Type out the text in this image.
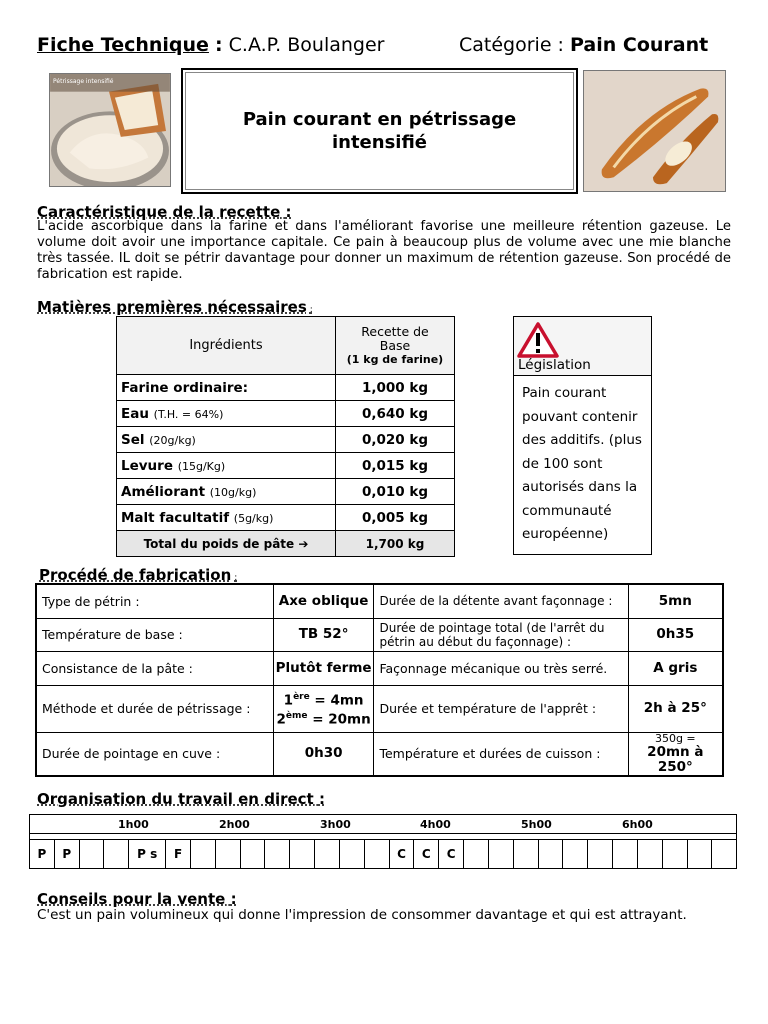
Fiche Technique : C.A.P. Boulanger	Catégorie : Pain Courant
Pétrissage intensifié
Pain courant en pétrissage intensifié
Caractéristique de la recette :
L'acide ascorbique dans la farine et dans l'améliorant favorise une meilleure rétention gazeuse. Le volume doit avoir une importance capitale. Ce pain à beaucoup plus de volume avec une mie blanche très tassée. IL doit se pétrir davantage pour donner un maximum de rétention gazeuse. Son procédé de fabrication est rapide.
Matières premières nécessaires :
Ingrédients	Recette de Base
(1 kg de farine)

Farine ordinaire:	1,000 kg
Eau (T.H. = 64%)	0,640 kg
Sel (20g/kg)	0,020 kg
Levure (15g/Kg)	0,015 kg
Améliorant (10g/kg)	0,010 kg
Malt facultatif (5g/kg)	0,005 kg
Total du poids de pâte ➔	1,700 kg
Législation
Pain courant pouvant contenir des additifs. (plus de 100 sont autorisés dans la communauté européenne)
Procédé de fabrication :
Type de pétrin :	Axe oblique	Durée de la détente avant façonnage :	5mn
Température de base :	TB 52°	Durée de pointage total (de l'arrêt du pétrin au début du façonnage) :	0h35
Consistance de la pâte :	Plutôt ferme	Façonnage mécanique ou très serré.	A gris
Méthode et durée de pétrissage :	1ère = 4mn
2ème = 20mn	Durée et température de l'apprêt :	2h à 25°
Durée de pointage en cuve :	0h30	Température et durées de cuisson :	350g =
20mn à 250°
Organisation du travail en direct :
1h00	2h00	3h00	4h00	5h00	6h00
P	P	P s	F	C	C	C
Conseils pour la vente :
C'est un pain volumineux qui donne l'impression de consommer davantage et qui est attrayant.
